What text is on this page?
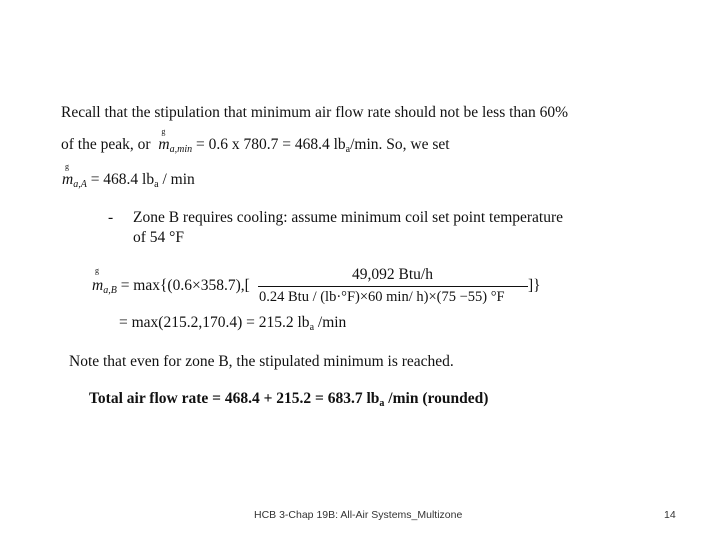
Recall that the stipulation that minimum air flow rate should not be less than 60%
of the peak, or
g
$m_{a,min} = 0.6$ x 780.7 = 468.4 $lb_a/\min$. So, we set
g
$m_{a,A} = 468.4$ $lb_a$ / min
- Zone B requires cooling: assume minimum coil set point temperature
of 54 °F
g
$m_{a,B} = \max\{(0.6\times 358.7)$,[
49,092 Btu/h
0.24 Btu / (lb·°F)×60 min/ h)×(75 −55) °F
]}
= max(215.2,170.4) = 215.2 $lb_a$ /min
Note that even for zone B, the stipulated minimum is reached.
Total air flow rate = 468.4 + 215.2 = 683.7 $lb_a$ /min (rounded)
HCB 3-Chap 19B: All-Air Systems_Multizone	14
